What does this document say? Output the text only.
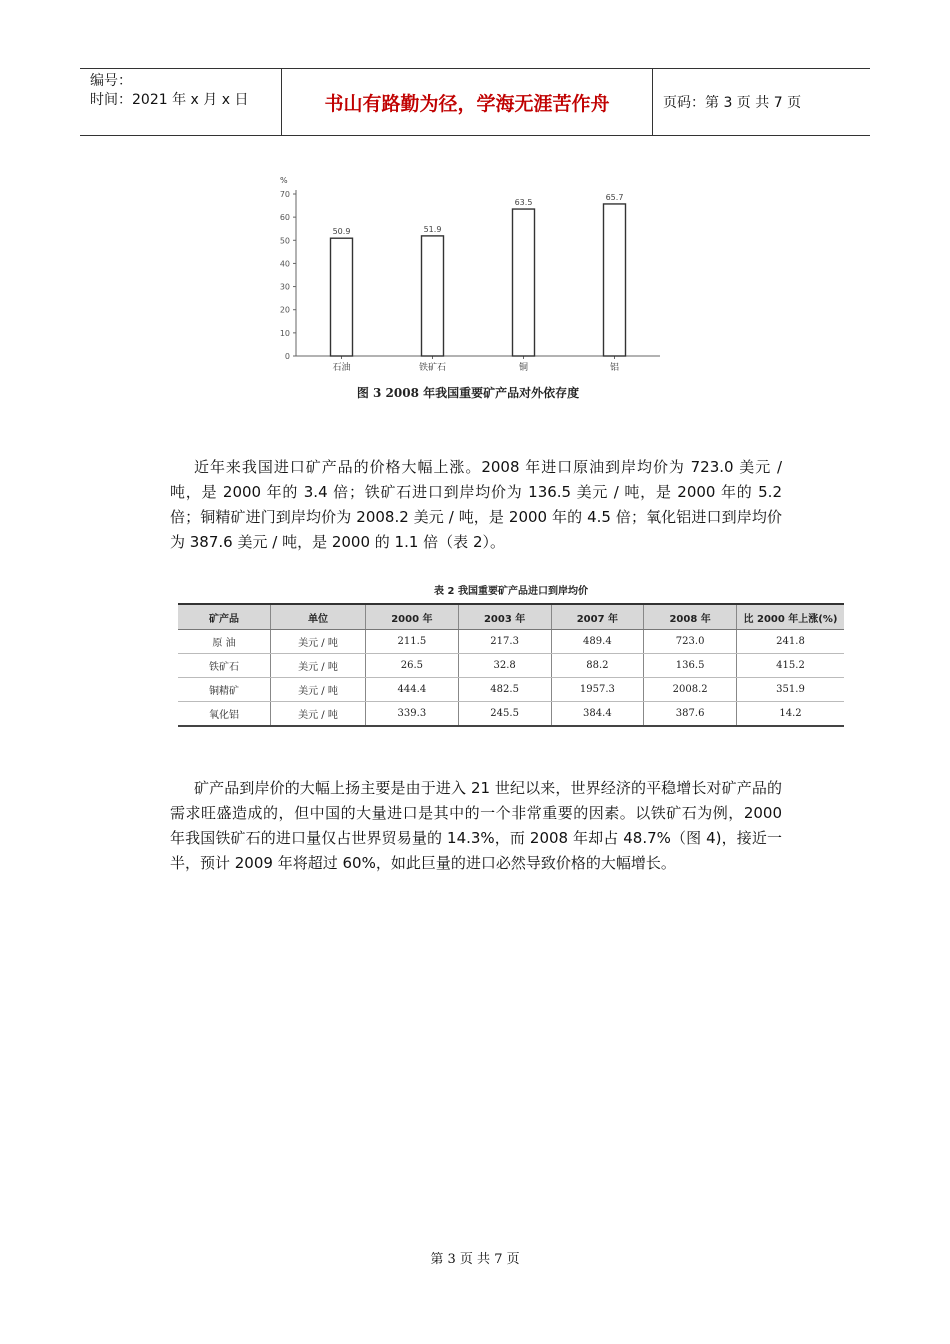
编号：
时间：2021 年 x 月 x 日	书山有路勤为径，学海无涯苦作舟	页码：第 3 页 共 7 页
%
0
10
20
30
40
50
60
70
石油	铁矿石	铜	铝
50.9	51.9
63.5
65.7
图 3 2008 年我国重要矿产品对外依存度

近年来我国进口矿产品的价格大幅上涨。2008 年进口原油到岸均价为 723.0 美元 / 吨，是 2000 年的 3.4 倍；铁矿石进口到岸均价为 136.5 美元 / 吨，是 2000 年的 5.2 倍；铜精矿进门到岸均价为 2008.2 美元 / 吨，是 2000 年的 4.5 倍；氧化铝进口到岸均价为 387.6 美元 / 吨，是 2000 的 1.1 倍（表 2）。

表 2 我国重要矿产品进口到岸均价
矿产品	单位	2000 年	2003 年	2007 年	2008 年	比 2000 年上涨(%)
原 油	美元 / 吨	211.5	217.3	489.4	723.0	241.8
铁矿石	美元 / 吨	26.5	32.8	88.2	136.5	415.2
铜精矿	美元 / 吨	444.4	482.5	1957.3	2008.2	351.9
氧化铝	美元 / 吨	339.3	245.5	384.4	387.6	14.2

矿产品到岸价的大幅上扬主要是由于进入 21 世纪以来，世界经济的平稳增长对矿产品的需求旺盛造成的，但中国的大量进口是其中的一个非常重要的因素。以铁矿石为例，2000 年我国铁矿石的进口量仅占世界贸易量的 14.3%，而 2008 年却占 48.7%（图 4)，接近一半，预计 2009 年将超过 60%，如此巨量的进口必然导致价格的大幅增长。

第 3 页 共 7 页
